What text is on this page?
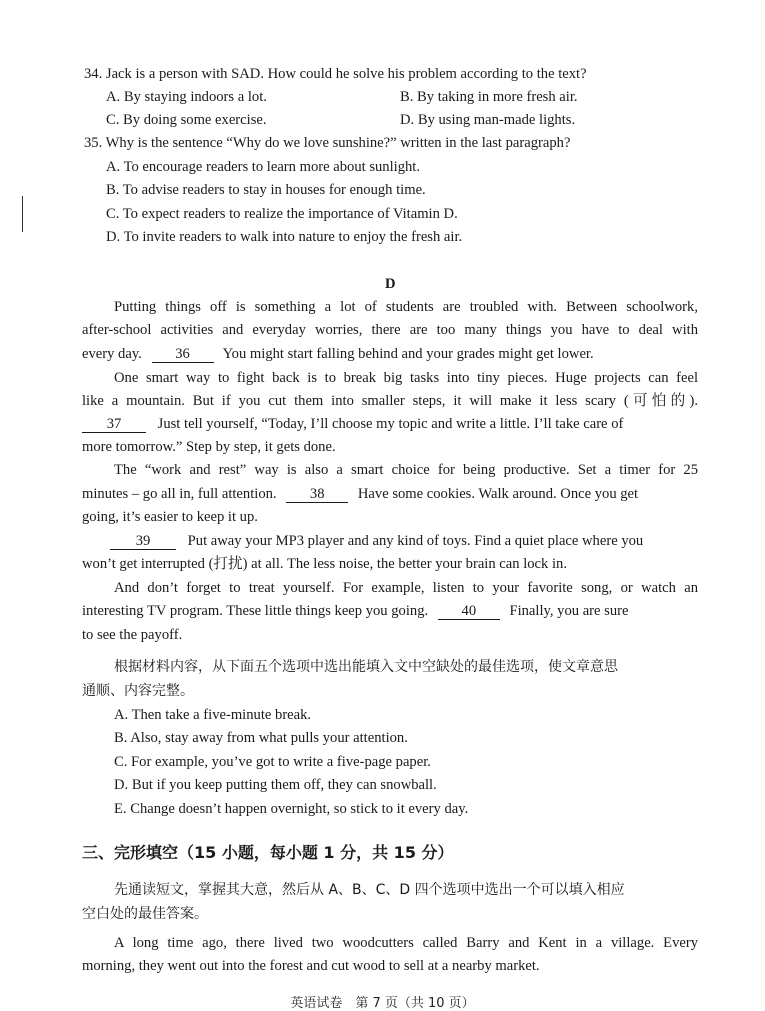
34. Jack is a person with SAD. How could he solve his problem according to the text?
A. By staying indoors a lot.	B. By taking in more fresh air.
C. By doing some exercise.	D. By using man-made lights.
35. Why is the sentence “Why do we love sunshine?” written in the last paragraph?
A. To encourage readers to learn more about sunlight.
B. To advise readers to stay in houses for enough time.
C. To expect readers to realize the importance of Vitamin D.
D. To invite readers to walk into nature to enjoy the fresh air.
D
Putting things off is something a lot of students are troubled with. Between schoolwork,
after-school activities and everyday worries, there are too many things you have to deal with
every day. 36 You might start falling behind and your grades might get lower.
One smart way to fight back is to break big tasks into tiny pieces. Huge projects can feel
like a mountain. But if you cut them into smaller steps, it will make it less scary (可怕的).
37 Just tell yourself, “Today, I’ll choose my topic and write a little. I’ll take care of
more tomorrow.” Step by step, it gets done.
The “work and rest” way is also a smart choice for being productive. Set a timer for 25
minutes – go all in, full attention. 38 Have some cookies. Walk around. Once you get
going, it’s easier to keep it up.
39	Put away your MP3 player and any kind of toys. Find a quiet place where you
won’t get interrupted (打扰) at all. The less noise, the better your brain can lock in.
And don’t forget to treat yourself. For example, listen to your favorite song, or watch an
interesting TV program. These little things keep you going. 40 Finally, you are sure
to see the payoff.
根据材料内容，从下面五个选项中选出能填入文中空缺处的最佳选项，使文章意思
通顺、内容完整。
A. Then take a five-minute break.
B. Also, stay away from what pulls your attention.
C. For example, you’ve got to write a five-page paper.
D. But if you keep putting them off, they can snowball.
E. Change doesn’t happen overnight, so stick to it every day.
三、完形填空（15 小题，每小题 1 分，共 15 分）
先通读短文，掌握其大意，然后从 A、B、C、D 四个选项中选出一个可以填入相应
空白处的最佳答案。
A long time ago, there lived two woodcutters called Barry and Kent in a village. Every
morning, they went out into the forest and cut wood to sell at a nearby market.
英语试卷　第 7 页（共 10 页）
